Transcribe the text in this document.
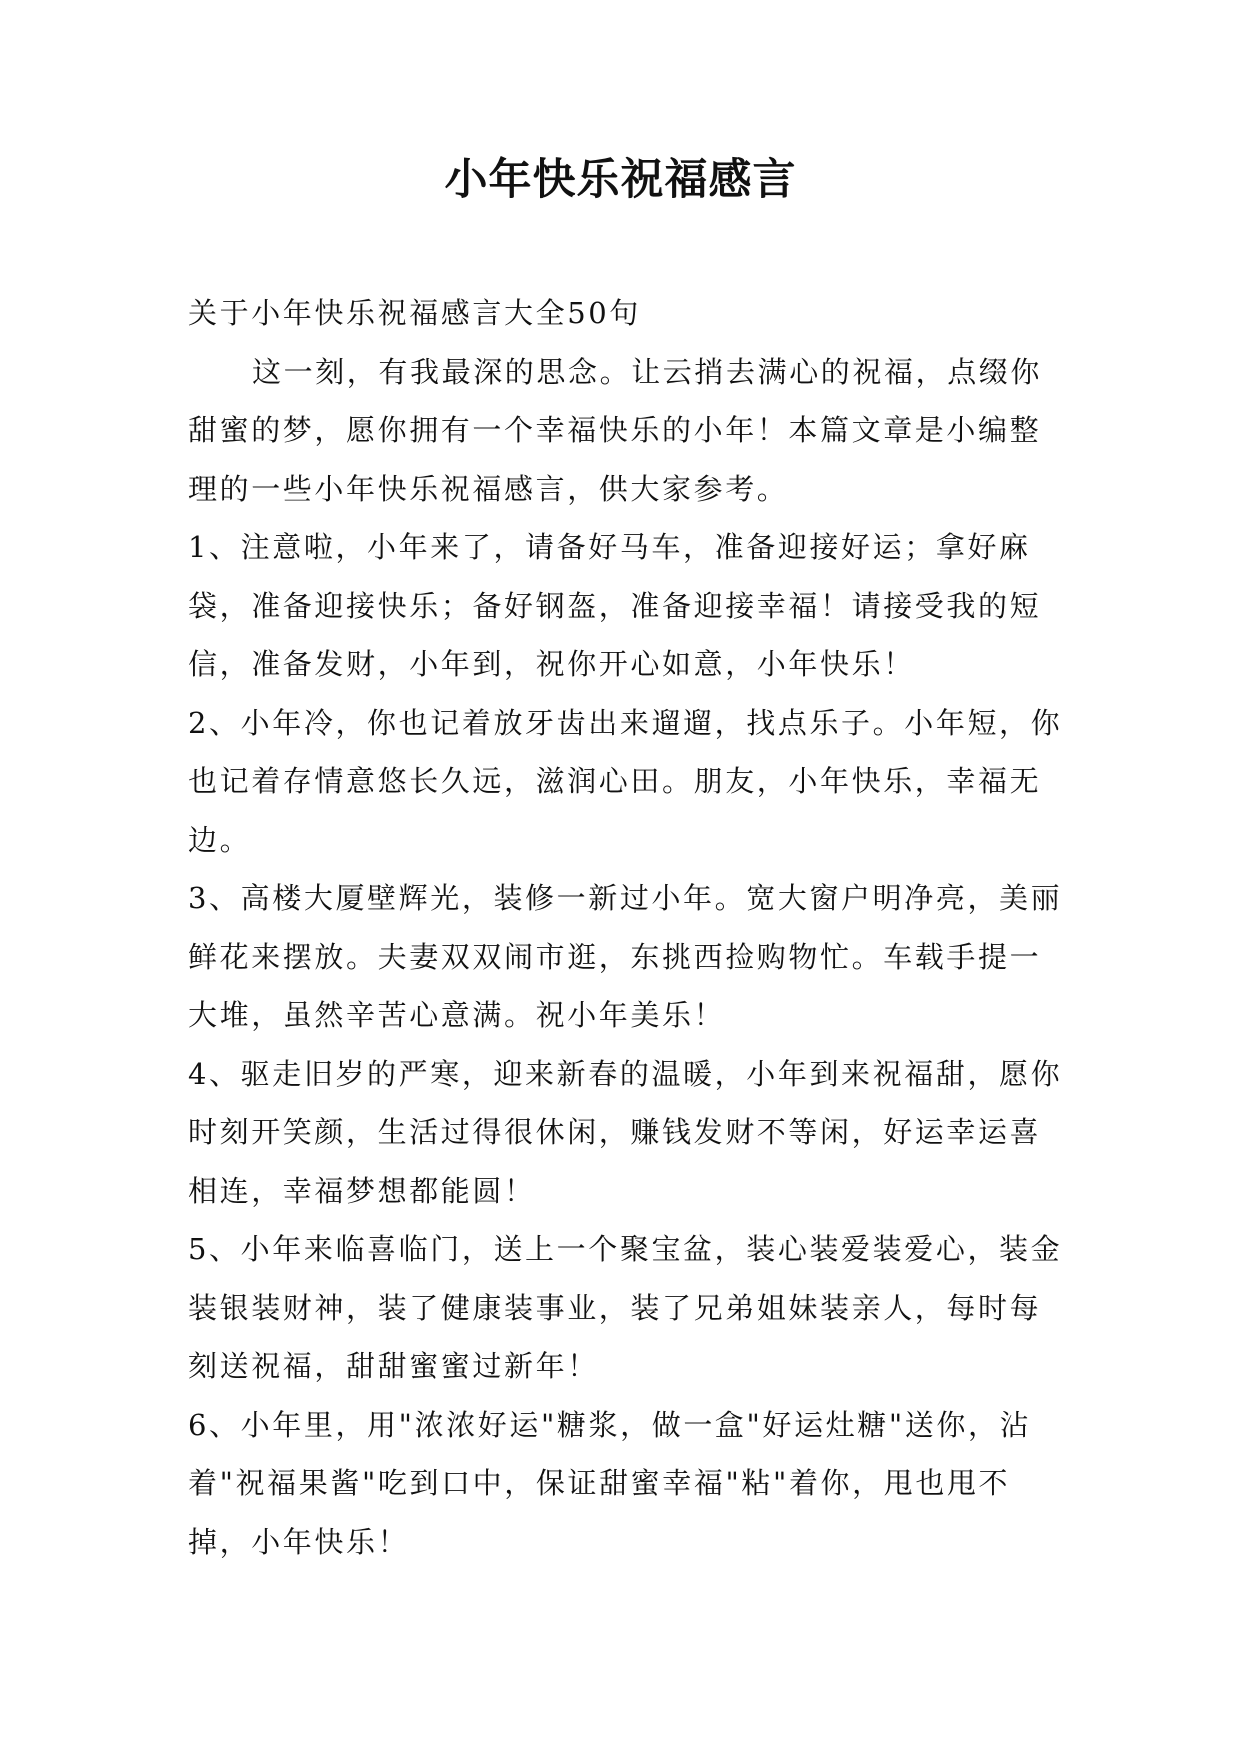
小年快乐祝福感言

关于小年快乐祝福感言大全50句

这一刻，有我最深的思念。让云捎去满心的祝福，点缀你甜蜜的梦，愿你拥有一个幸福快乐的小年！本篇文章是小编整理的一些小年快乐祝福感言，供大家参考。

1、注意啦，小年来了，请备好马车，准备迎接好运；拿好麻袋，准备迎接快乐；备好钢盔，准备迎接幸福！请接受我的短信，准备发财，小年到，祝你开心如意，小年快乐！

2、小年冷，你也记着放牙齿出来遛遛，找点乐子。小年短，你也记着存情意悠长久远，滋润心田。朋友，小年快乐，幸福无边。

3、高楼大厦壁辉光，装修一新过小年。宽大窗户明净亮，美丽鲜花来摆放。夫妻双双闹市逛，东挑西捡购物忙。车载手提一大堆，虽然辛苦心意满。祝小年美乐！

4、驱走旧岁的严寒，迎来新春的温暖，小年到来祝福甜，愿你时刻开笑颜，生活过得很休闲，赚钱发财不等闲，好运幸运喜相连，幸福梦想都能圆！

5、小年来临喜临门，送上一个聚宝盆，装心装爱装爱心，装金装银装财神，装了健康装事业，装了兄弟姐妹装亲人，每时每刻送祝福，甜甜蜜蜜过新年！

6、小年里，用"浓浓好运"糖浆，做一盒"好运灶糖"送你，沾着"祝福果酱"吃到口中，保证甜蜜幸福"粘"着你，甩也甩不掉，小年快乐！
